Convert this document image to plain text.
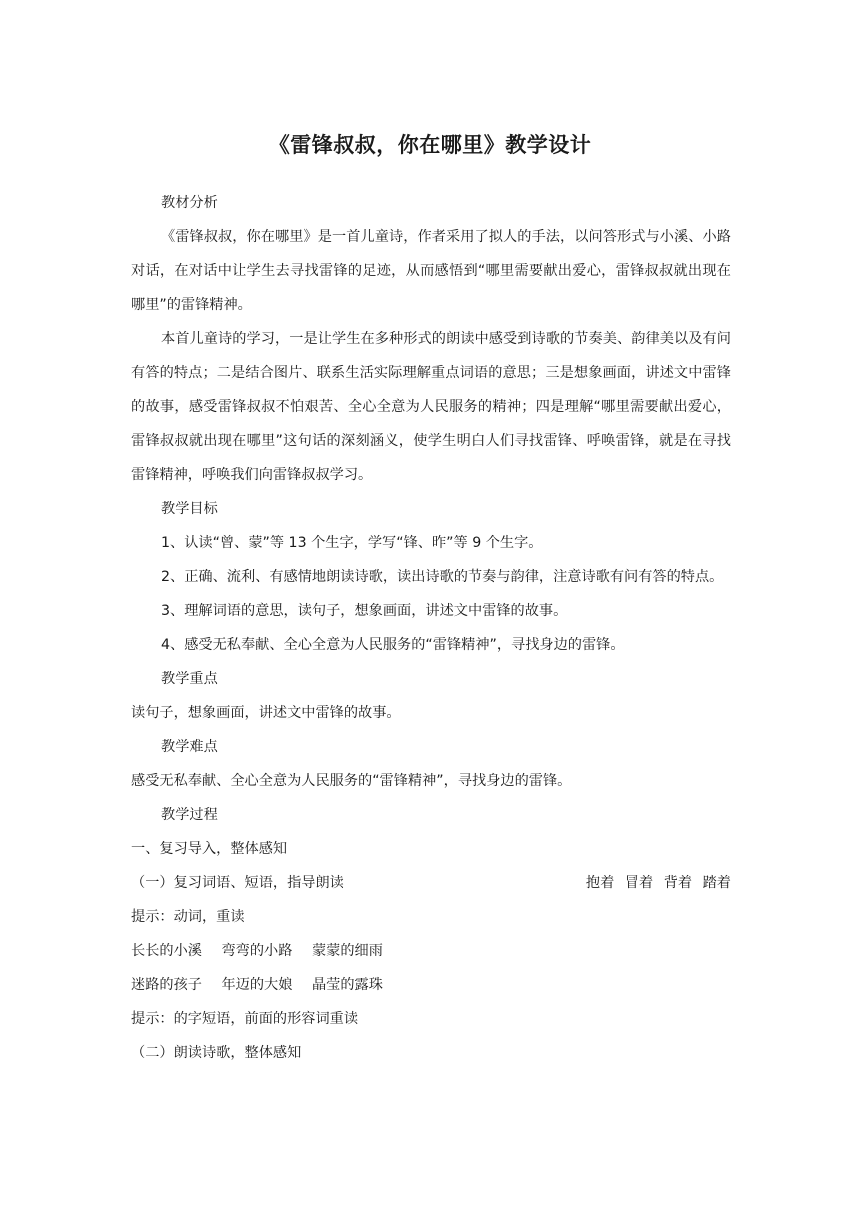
《雷锋叔叔，你在哪里》教学设计

教材分析

《雷锋叔叔，你在哪里》是一首儿童诗，作者采用了拟人的手法，以问答形式与小溪、小路对话，在对话中让学生去寻找雷锋的足迹，从而感悟到“哪里需要献出爱心，雷锋叔叔就出现在哪里”的雷锋精神。

本首儿童诗的学习，一是让学生在多种形式的朗读中感受到诗歌的节奏美、韵律美以及有问有答的特点；二是结合图片、联系生活实际理解重点词语的意思；三是想象画面，讲述文中雷锋的故事，感受雷锋叔叔不怕艰苦、全心全意为人民服务的精神；四是理解“哪里需要献出爱心，雷锋叔叔就出现在哪里”这句话的深刻涵义，使学生明白人们寻找雷锋、呼唤雷锋，就是在寻找雷锋精神，呼唤我们向雷锋叔叔学习。

教学目标

1、认读“曾、蒙”等 13 个生字，学写“锋、昨”等 9 个生字。

2、正确、流利、有感情地朗读诗歌，读出诗歌的节奏与韵律，注意诗歌有问有答的特点。

3、理解词语的意思，读句子，想象画面，讲述文中雷锋的故事。

4、感受无私奉献、全心全意为人民服务的“雷锋精神”，寻找身边的雷锋。

教学重点

读句子，想象画面，讲述文中雷锋的故事。

教学难点

感受无私奉献、全心全意为人民服务的“雷锋精神”，寻找身边的雷锋。

教学过程

一、复习导入，整体感知

（一）复习词语、短语，指导朗读	抱着 冒着 背着 踏着

提示：动词，重读

长长的小溪 弯弯的小路 蒙蒙的细雨

迷路的孩子 年迈的大娘 晶莹的露珠

提示：的字短语，前面的形容词重读

（二）朗读诗歌，整体感知
